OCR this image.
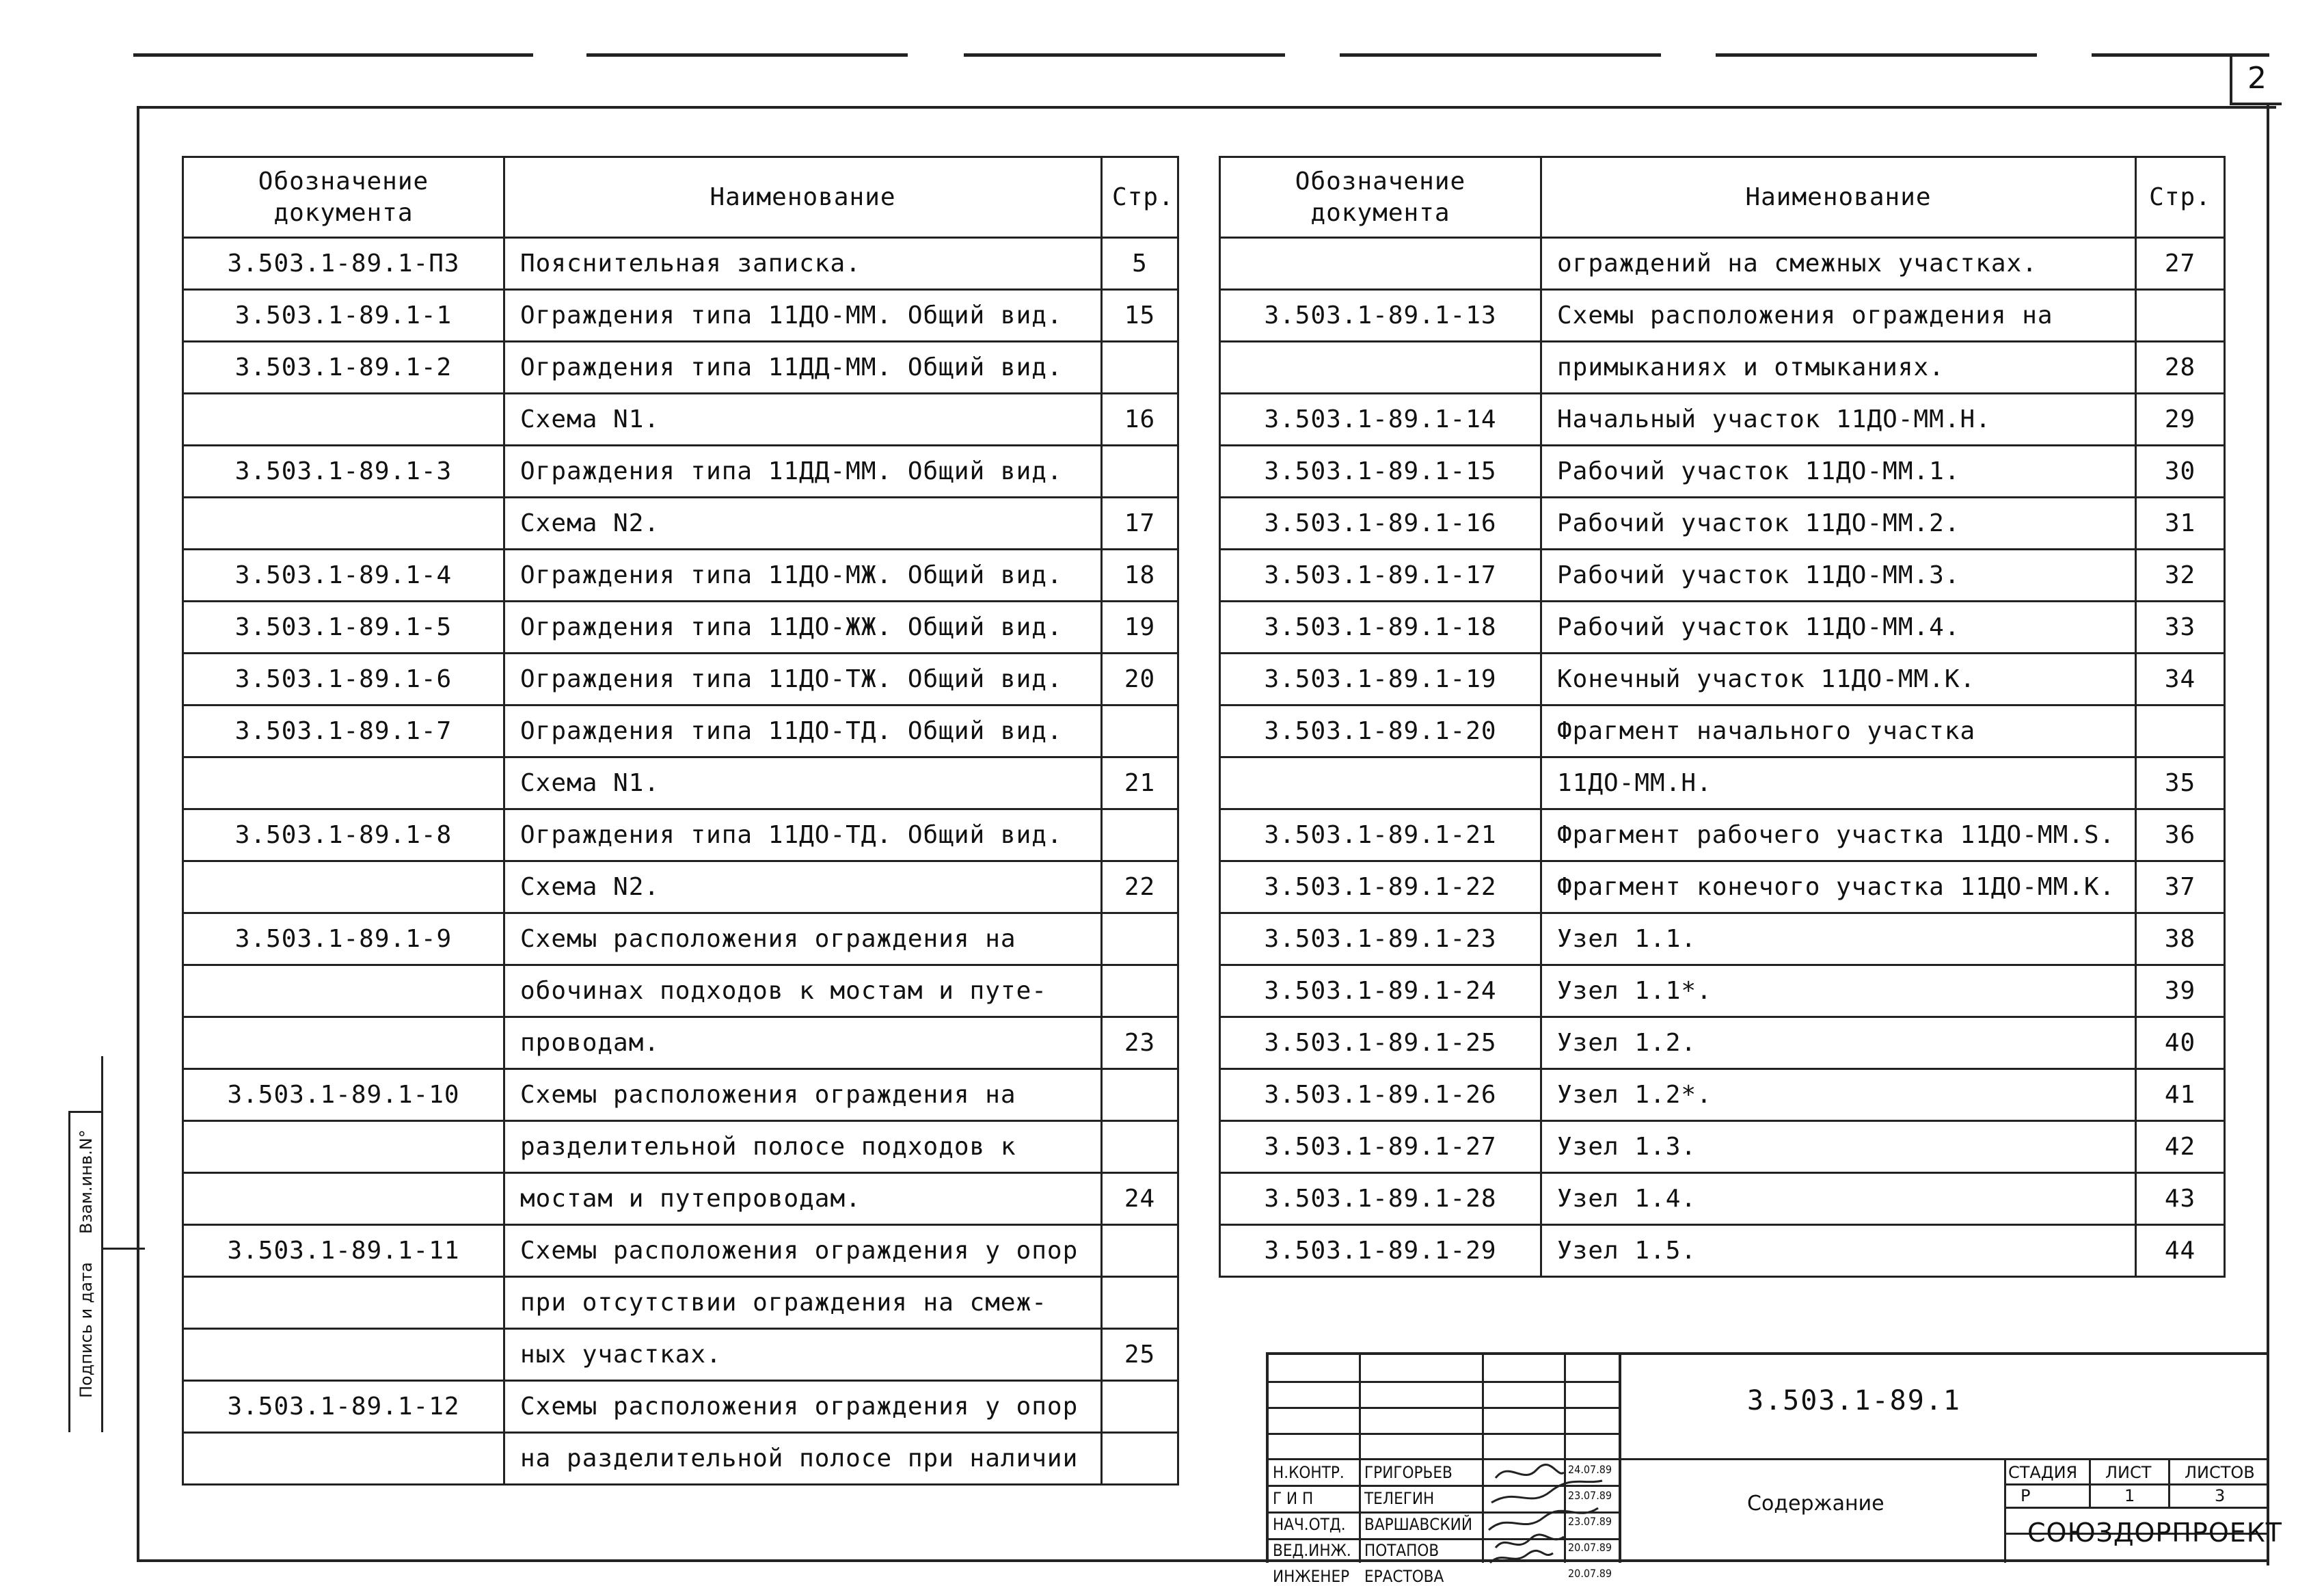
2
Обозначение
документа	Наименование	Стр.
3.503.1-89.1-ПЗ	Пояснительная записка.	5
3.503.1-89.1-1	Ограждения типа 11ДО-ММ. Общий вид.	15
3.503.1-89.1-2	Ограждения типа 11ДД-ММ. Общий вид.	
	Схема N1.	16
3.503.1-89.1-3	Ограждения типа 11ДД-ММ. Общий вид.	
	Схема N2.	17
3.503.1-89.1-4	Ограждения типа 11ДО-МЖ. Общий вид.	18
3.503.1-89.1-5	Ограждения типа 11ДО-ЖЖ. Общий вид.	19
3.503.1-89.1-6	Ограждения типа 11ДО-ТЖ. Общий вид.	20
3.503.1-89.1-7	Ограждения типа 11ДО-ТД. Общий вид.	
	Схема N1.	21
3.503.1-89.1-8	Ограждения типа 11ДО-ТД. Общий вид.	
	Схема N2.	22
3.503.1-89.1-9	Схемы расположения ограждения на	
	обочинах подходов к мостам и путе-	
	проводам.	23
3.503.1-89.1-10	Схемы расположения ограждения на	
	разделительной полосе подходов к	
	мостам и путепроводам.	24
3.503.1-89.1-11	Схемы расположения ограждения у опор	
	при отсутствии ограждения на смеж-	
	ных участках.	25
3.503.1-89.1-12	Схемы расположения ограждения у опор	
	на разделительной полосе при наличии	
Обозначение
документа	Наименование	Стр.
	ограждений на смежных участках.	27
3.503.1-89.1-13	Схемы расположения ограждения на	
	примыканиях и отмыканиях.	28
3.503.1-89.1-14	Начальный участок 11ДО-ММ.Н.	29
3.503.1-89.1-15	Рабочий участок 11ДО-ММ.1.	30
3.503.1-89.1-16	Рабочий участок 11ДО-ММ.2.	31
3.503.1-89.1-17	Рабочий участок 11ДО-ММ.3.	32
3.503.1-89.1-18	Рабочий участок 11ДО-ММ.4.	33
3.503.1-89.1-19	Конечный участок 11ДО-ММ.К.	34
3.503.1-89.1-20	Фрагмент начального участка	
	11ДО-ММ.Н.	35
3.503.1-89.1-21	Фрагмент рабочего участка 11ДО-ММ.S.	36
3.503.1-89.1-22	Фрагмент конечого участка 11ДО-ММ.К.	37
3.503.1-89.1-23	Узел 1.1.	38
3.503.1-89.1-24	Узел 1.1*.	39
3.503.1-89.1-25	Узел 1.2.	40
3.503.1-89.1-26	Узел 1.2*.	41
3.503.1-89.1-27	Узел 1.3.	42
3.503.1-89.1-28	Узел 1.4.	43
3.503.1-89.1-29	Узел 1.5.	44
3.503.1-89.1
Содержание
СТАДИЯ ЛИСТ ЛИСТОВ
Р	1	3
СОЮЗДОРПРОЕКТ
Н.КОНТР. ГРИГОРЬЕВ	24.07.89
Г И П	ТЕЛЕГИН	23.07.89
НАЧ.ОТД. ВАРШАВСКИЙ	23.07.89
ВЕД.ИНЖ. ПОТАПОВ	20.07.89
ИНЖЕНЕР ЕРАСТОВА	20.07.89
Взам.инв.N°
Подпись и дата
